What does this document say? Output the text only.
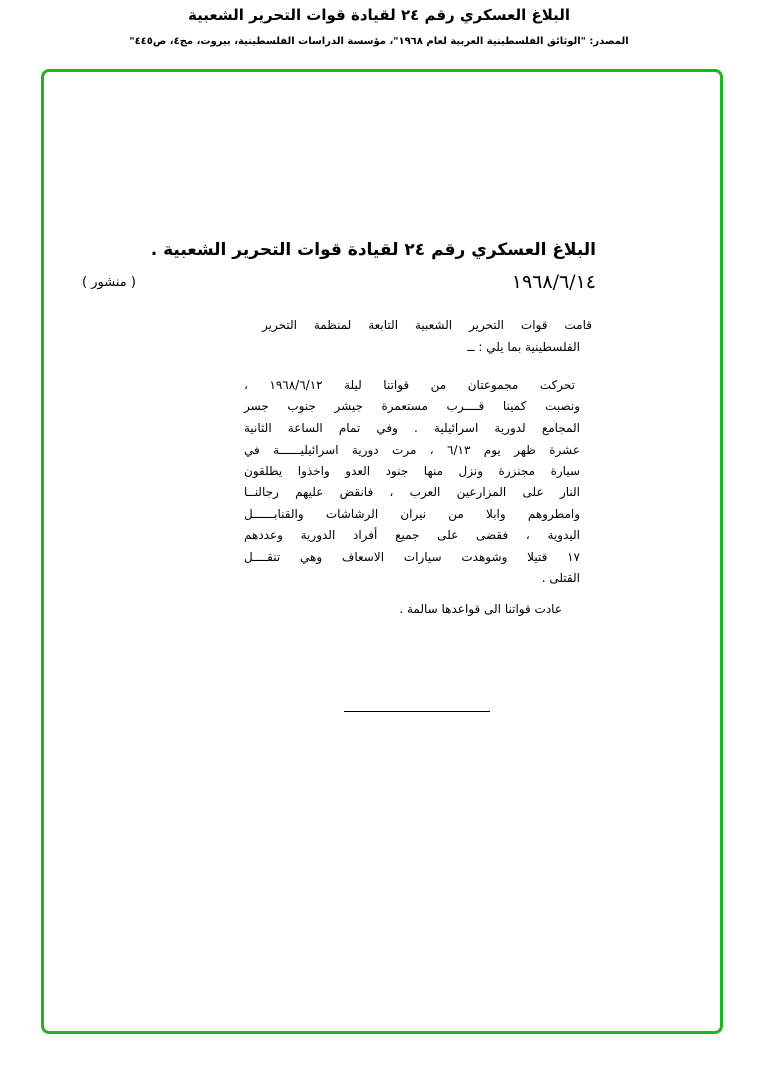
البلاغ العسكري رقم ٢٤ لقيادة قوات التحرير الشعبية
المصدر: "الوثائق الفلسطينية العربية لعام ١٩٦٨"، مؤسسة الدراسات الفلسطينية، بيروت، مج٤، ص٤٤٥"
البلاغ العسكري رقم ٢٤ لقيادة قوات التحرير الشعبية .
١٩٦٨/٦/١٤
( منشور )
قامت قوات التحرير الشعبية التابعة لمنظمة التحرير
الفلسطينية بما يلي : ــ
تحركت مجموعتان من قواتنا ليلة ١٩٦٨/٦/١٢ ،
ونصبت كمينا قــــرب مستعمرة جيشر جنوب جسر
المجامع لدورية اسرائيلية . وفي تمام الساعة الثانية
عشرة ظهر يوم ٦/١٣ ، مرت دورية اسرائيليــــــة في
سيارة مجنزرة ونزل منها جنود العدو واخذوا يطلقون
النار على المزارعين العرب ، فانقض عليهم رجالنــا
وامطروهم وابلا من نيران الرشاشات والقنابــــــل
اليدوية ، فقضى على جميع أفراد الدورية وعددهم
١٧ قتيلا وشوهدت سيارات الاسعاف وهي تنقــــل
القتلى .
عادت قواتنا الى قواعدها سالمة .
